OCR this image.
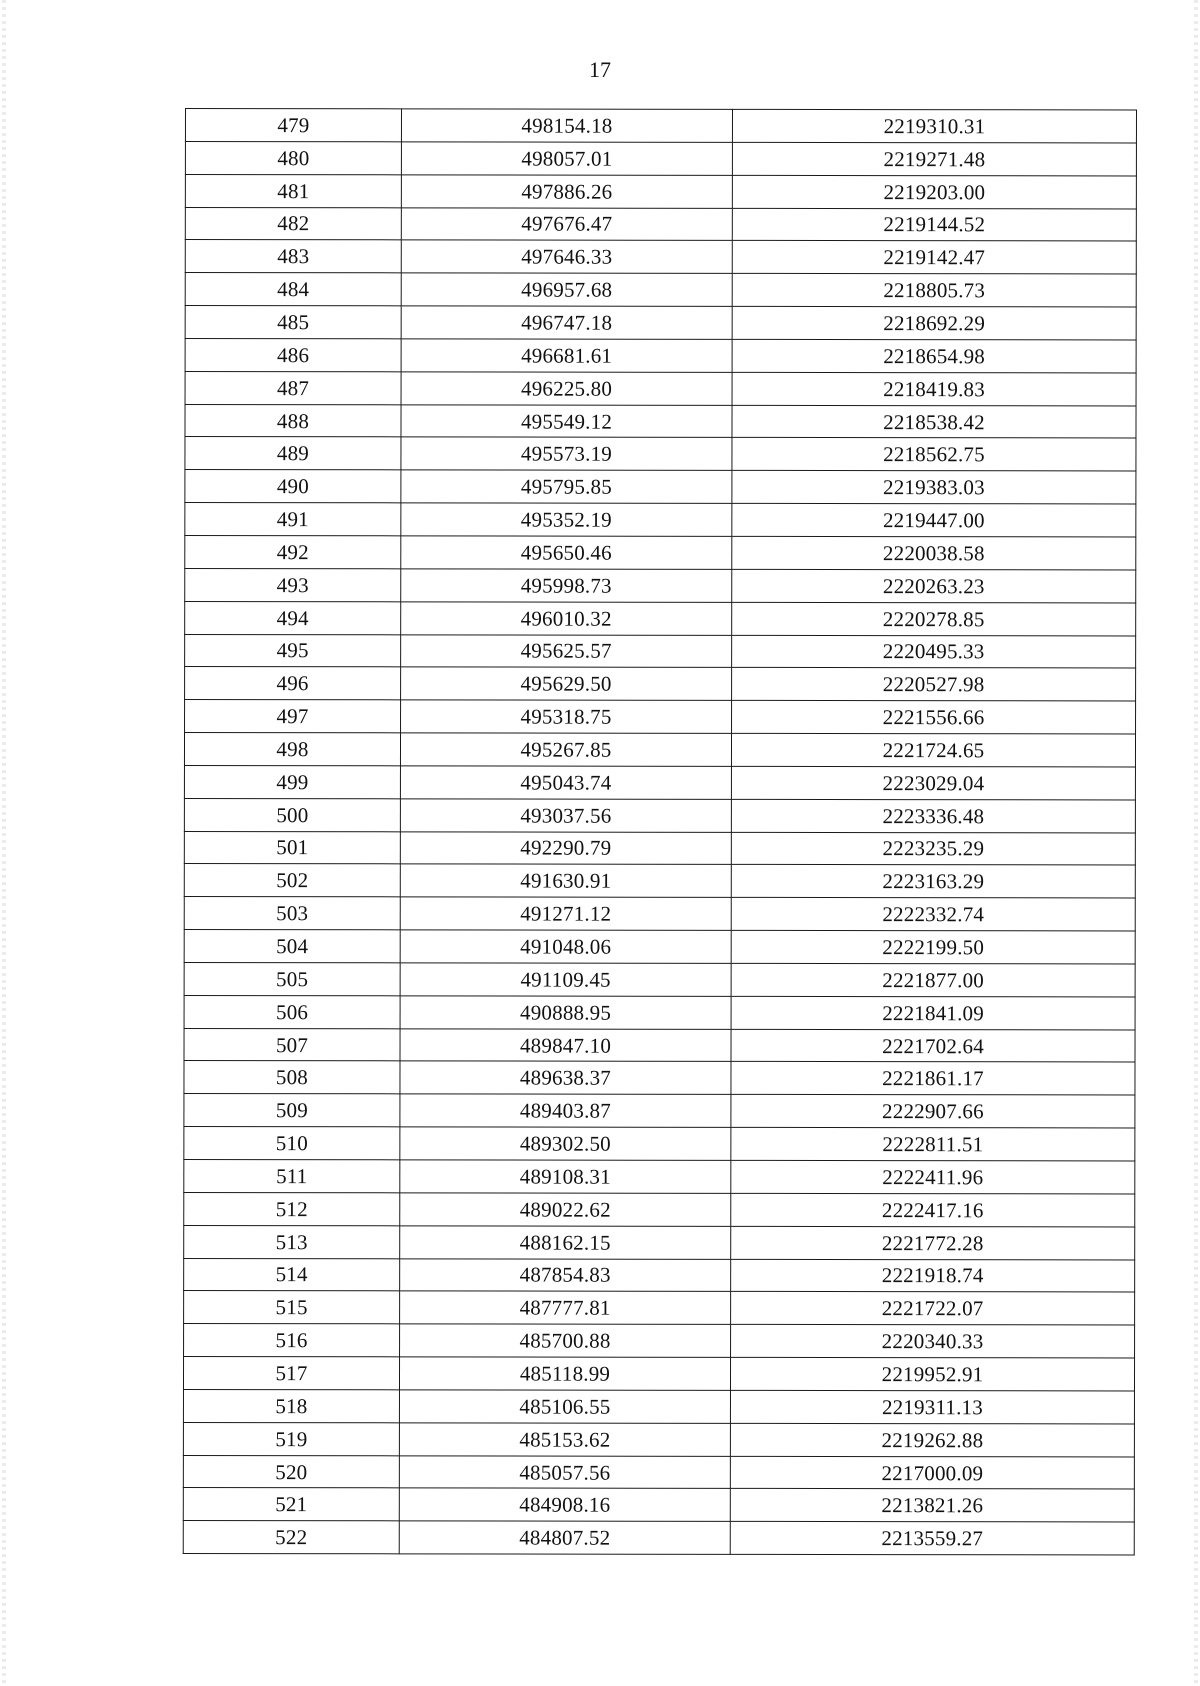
17
479	498154.18	2219310.31
480	498057.01	2219271.48
481	497886.26	2219203.00
482	497676.47	2219144.52
483	497646.33	2219142.47
484	496957.68	2218805.73
485	496747.18	2218692.29
486	496681.61	2218654.98
487	496225.80	2218419.83
488	495549.12	2218538.42
489	495573.19	2218562.75
490	495795.85	2219383.03
491	495352.19	2219447.00
492	495650.46	2220038.58
493	495998.73	2220263.23
494	496010.32	2220278.85
495	495625.57	2220495.33
496	495629.50	2220527.98
497	495318.75	2221556.66
498	495267.85	2221724.65
499	495043.74	2223029.04
500	493037.56	2223336.48
501	492290.79	2223235.29
502	491630.91	2223163.29
503	491271.12	2222332.74
504	491048.06	2222199.50
505	491109.45	2221877.00
506	490888.95	2221841.09
507	489847.10	2221702.64
508	489638.37	2221861.17
509	489403.87	2222907.66
510	489302.50	2222811.51
511	489108.31	2222411.96
512	489022.62	2222417.16
513	488162.15	2221772.28
514	487854.83	2221918.74
515	487777.81	2221722.07
516	485700.88	2220340.33
517	485118.99	2219952.91
518	485106.55	2219311.13
519	485153.62	2219262.88
520	485057.56	2217000.09
521	484908.16	2213821.26
522	484807.52	2213559.27
